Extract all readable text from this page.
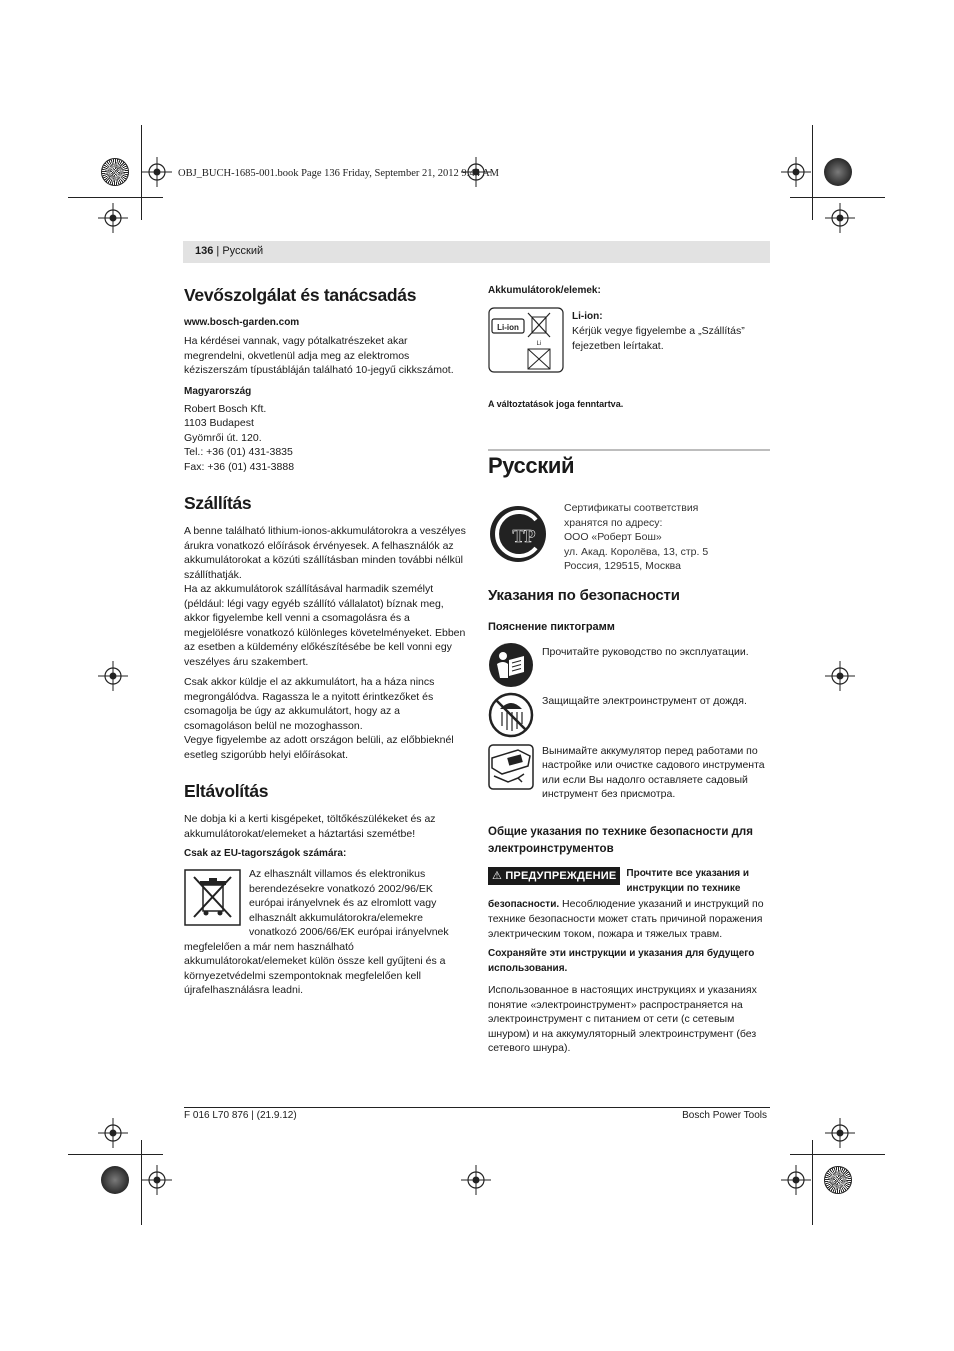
OBJ_BUCH-1685-001.book Page 136 Friday, September 21, 2012 9:44 AM
136 | Русский
Vevőszolgálat és tanácsadás
www.bosch-garden.com
Ha kérdései vannak, vagy pótalkatrészeket akar megrendelni, okvetlenül adja meg az elektromos kéziszerszám típustábláján található 10-jegyű cikkszámot.
Magyarország
Robert Bosch Kft.
1103 Budapest
Gyömrői út. 120.
Tel.: +36 (01) 431-3835
Fax: +36 (01) 431-3888
Szállítás
A benne található lithium-ionos-akkumulátorokra a veszélyes árukra vonatkozó előírások érvényesek. A felhasználók az akkumulátorokat a közúti szállításban minden további nélkül szállíthatják.
Ha az akkumulátorok szállításával harmadik személyt (például: légi vagy egyéb szállító vállalatot) bíznak meg, akkor figyelembe kell venni a csomagolásra és a megjelölésre vonatkozó különleges követelményeket. Ebben az esetben a küldemény előkészítésébe be kell vonni egy veszélyes áru szakembert.
Csak akkor küldje el az akkumulátort, ha a háza nincs megrongálódva. Ragassza le a nyitott érintkezőket és csomagolja be úgy az akkumulátort, hogy az a csomagoláson belül ne mozoghasson.
Vegye figyelembe az adott országon belüli, az előbbieknél esetleg szigorúbb helyi előírásokat.
Eltávolítás
Ne dobja ki a kerti kisgépeket, töltőkészülékeket és az akkumulátorokat/elemeket a háztartási szemétbe!
Csak az EU-tagországok számára:
Az elhasznált villamos és elektronikus berendezésekre vonatkozó 2002/96/EK európai irányelvnek és az elromlott vagy elhasznált akkumulátorokra/elemekre vonatkozó 2006/66/EK európai irányelvnek
megfelelően a már nem használható akkumulátorokat/elemeket külön össze kell gyűjteni és a környezetvédelmi szempontoknak megfelelően kell újrafelhasználásra leadni.
Akkumulátorok/elemek:
Li-ion
Li
Li-ion:
Kérjük vegye figyelembe a „Szállítás” fejezetben leírtakat.
A változtatások joga fenntartva.
Русский
ТР
Сертификаты соответствия
хранятся по адресу:
ООО «Роберт Бош»
ул. Акад. Королёва, 13, стр. 5
Россия, 129515, Москва
Указания по безопасности
Пояснение пиктограмм
Прочитайте руководство по эксплуатации.
Защищайте электроинструмент от дождя.
Вынимайте аккумулятор перед работами по настройке или очистке садового инструмента или если Вы надолго оставляете садовый инструмент без присмотра.
Общие указания по технике безопасности для электроинструментов
⚠ ПРЕДУПРЕЖДЕНИЕ	Прочтите все указания и инструкции по технике безопасности. Несоблюдение указаний и инструкций по технике безопасности может стать причиной поражения электрическим током, пожара и тяжелых травм.
Сохраняйте эти инструкции и указания для будущего использования.
Использованное в настоящих инструкциях и указаниях понятие «электроинструмент» распространяется на электроинструмент с питанием от сети (с сетевым шнуром) и на аккумуляторный электроинструмент (без сетевого шнура).
F 016 L70 876 | (21.9.12)	Bosch Power Tools
